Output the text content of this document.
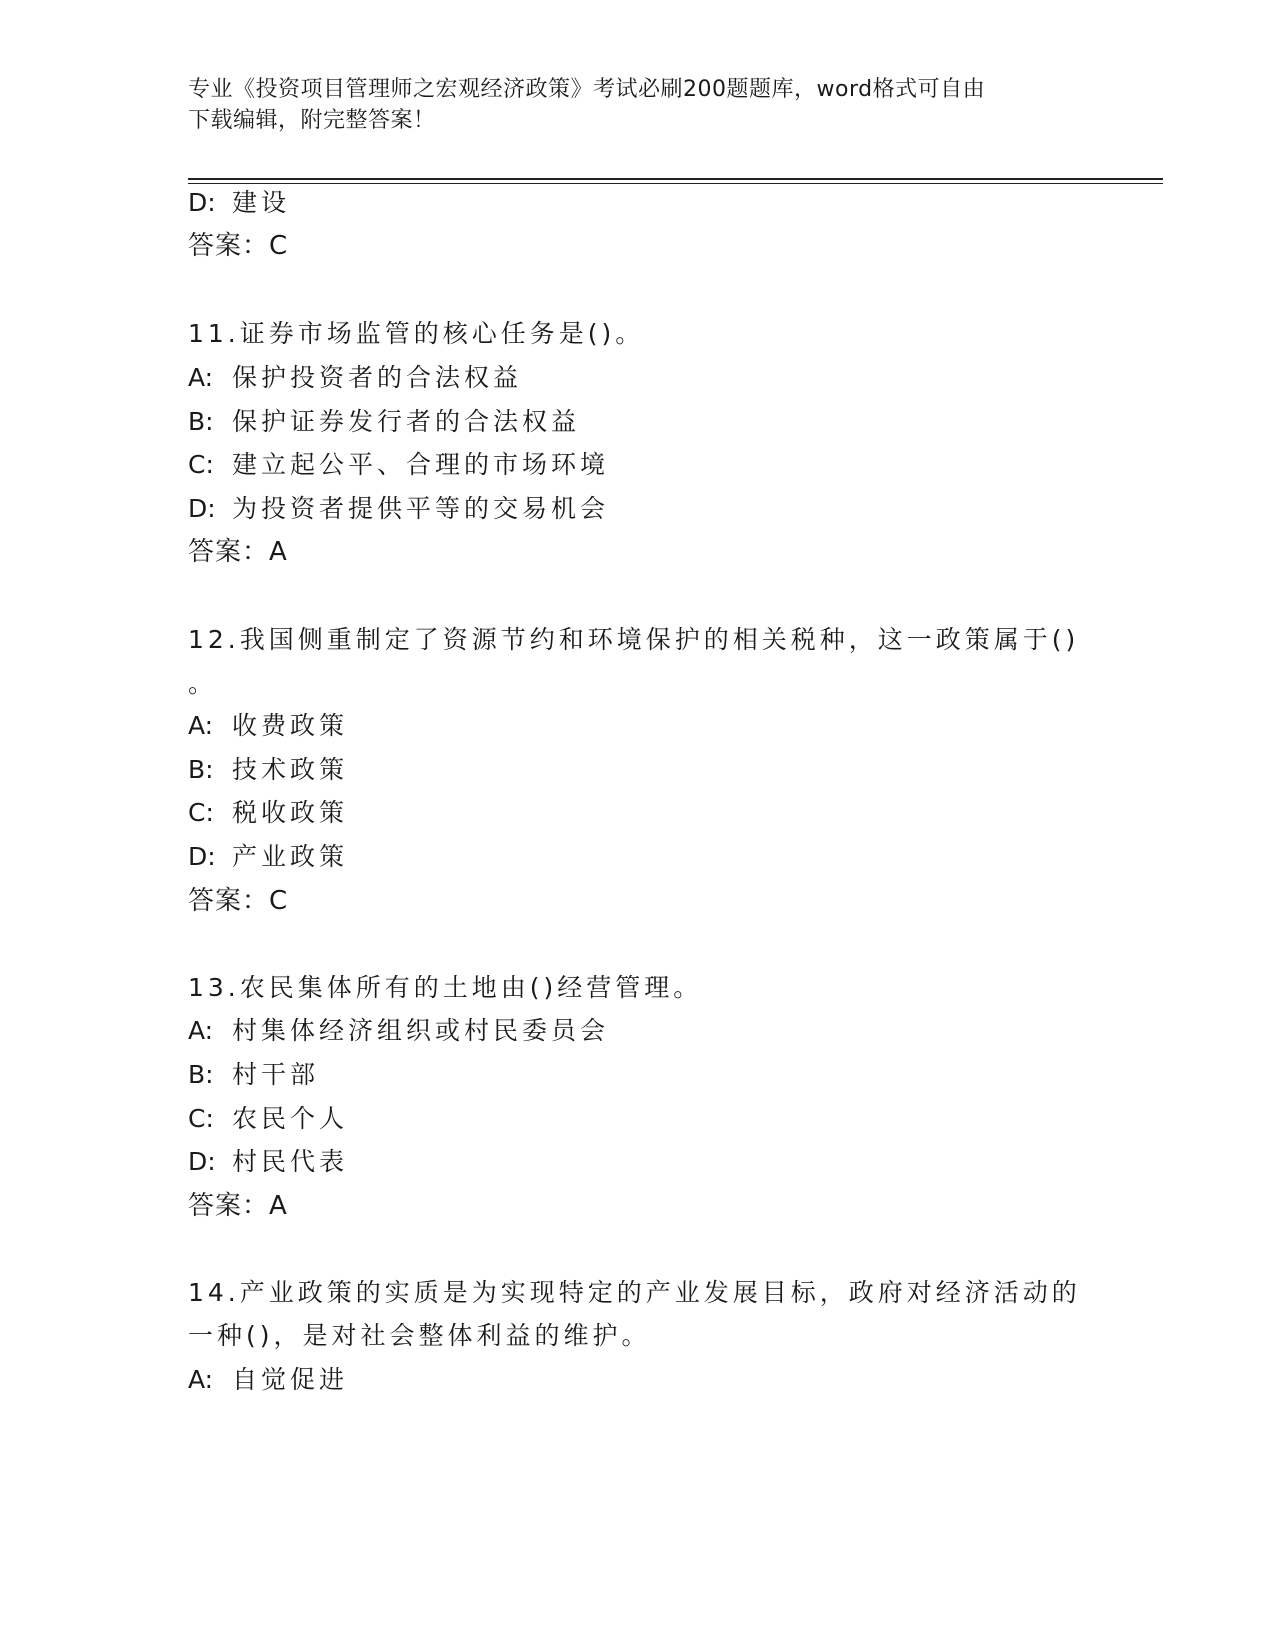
专业《投资项目管理师之宏观经济政策》考试必刷200题题库，word格式可自由
下载编辑，附完整答案！
D: 建设
答案：C
11.证券市场监管的核心任务是()。
A: 保护投资者的合法权益
B: 保护证券发行者的合法权益
C: 建立起公平、合理的市场环境
D: 为投资者提供平等的交易机会
答案：A
12.我国侧重制定了资源节约和环境保护的相关税种，这一政策属于()
。
A: 收费政策
B: 技术政策
C: 税收政策
D: 产业政策
答案：C
13.农民集体所有的土地由()经营管理。
A: 村集体经济组织或村民委员会
B: 村干部
C: 农民个人
D: 村民代表
答案：A
14.产业政策的实质是为实现特定的产业发展目标，政府对经济活动的
一种()，是对社会整体利益的维护。
A: 自觉促进
